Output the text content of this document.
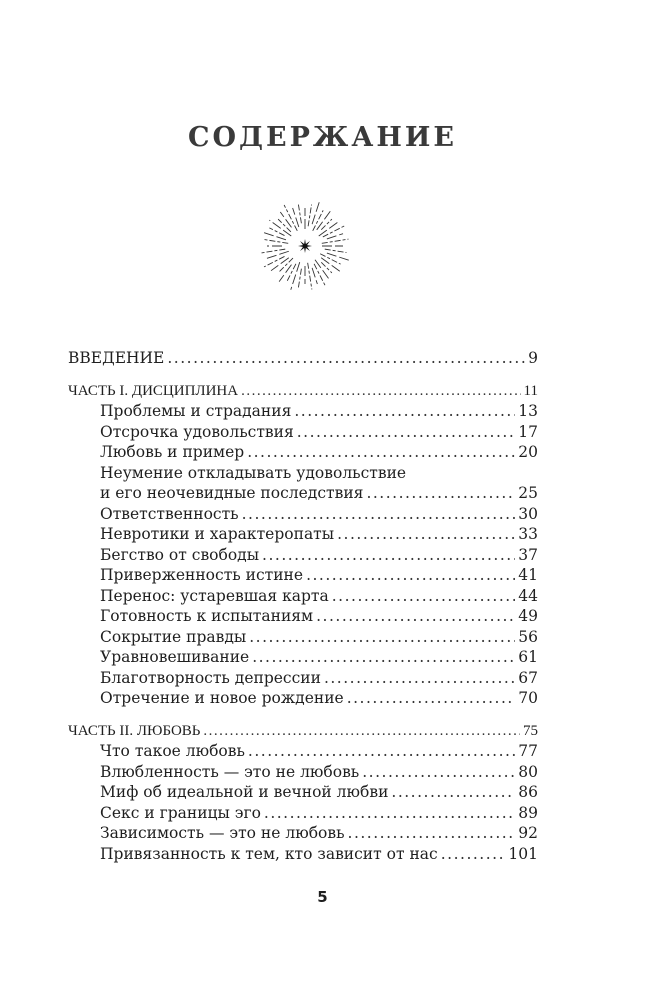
СОДЕРЖАНИЕ
ВВЕДЕНИЕ .....	9
ЧАСТЬ I. ДИСЦИПЛИНА .....	11
Проблемы и страдания .....	13
Отсрочка удовольствия .....	17
Любовь и пример .....	20
Неумение откладывать удовольствие
и его неочевидные последствия .....	25
Ответственность .....	30
Невротики и характеропаты .....	33
Бегство от свободы .....	37
Приверженность истине .....	41
Перенос: устаревшая карта .....	44
Готовность к испытаниям .....	49
Сокрытие правды .....	56
Уравновешивание .....	61
Благотворность депрессии .....	67
Отречение и новое рождение .....	70
ЧАСТЬ II. ЛЮБОВЬ .....	75
Что такое любовь .....	77
Влюбленность — это не любовь .....	80
Миф об идеальной и вечной любви .....	86
Секс и границы эго .....	89
Зависимость — это не любовь .....	92
Привязанность к тем, кто зависит от нас .....	101
5
